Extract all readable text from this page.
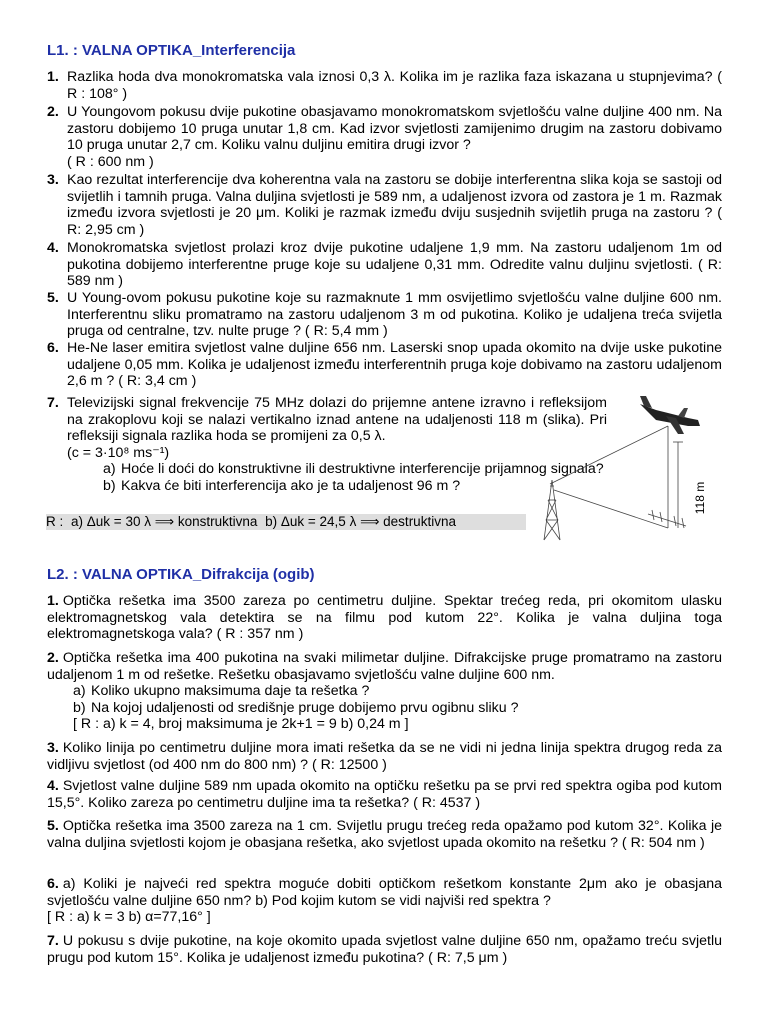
L1. : VALNA OPTIKA_Interferencija
1. Razlika hoda dva monokromatska vala iznosi 0,3 λ. Kolika im je razlika faza iskazana u stupnjevima? ( R : 108° )
2. U Youngovom pokusu dvije pukotine obasjavamo monokromatskom svjetlošću valne duljine 400 nm. Na zastoru dobijemo 10 pruga unutar 1,8 cm. Kad izvor svjetlosti zamijenimo drugim na zastoru dobivamo 10 pruga unutar 2,7 cm. Koliku valnu duljinu emitira drugi izvor ?
( R : 600 nm )
3. Kao rezultat interferencije dva koherentna vala na zastoru se dobije interferentna slika koja se sastoji od svijetlih i tamnih pruga. Valna duljina svjetlosti je 589 nm, a udaljenost izvora od zastora je 1 m. Razmak između izvora svjetlosti je 20 μm. Koliki je razmak između dviju susjednih svijetlih pruga na zastoru ? ( R: 2,95 cm )
4. Monokromatska svjetlost prolazi kroz dvije pukotine udaljene 1,9 mm. Na zastoru udaljenom 1m od pukotina dobijemo interferentne pruge koje su udaljene 0,31 mm. Odredite valnu duljinu svjetlosti. ( R: 589 nm )
5. U Young-ovom pokusu pukotine koje su razmaknute 1 mm osvijetlimo svjetlošću valne duljine 600 nm. Interferentnu sliku promatramo na zastoru udaljenom 3 m od pukotina. Koliko je udaljena treća svijetla pruga od centralne, tzv. nulte pruge ? ( R: 5,4 mm )
6. He-Ne laser emitira svjetlost valne duljine 656 nm. Laserski snop upada okomito na dvije uske pukotine udaljene 0,05 mm. Kolika je udaljenost između interferentnih pruga koje dobivamo na zastoru udaljenom 2,6 m ? ( R: 3,4 cm )
7. Televizijski signal frekvencije 75 MHz dolazi do prijemne antene izravno i refleksijom na zrakoplovu koji se nalazi vertikalno iznad antene na udaljenosti 118 m (slika). Pri refleksiji signala razlika hoda se promijeni za 0,5 λ.
(c = 3·10⁸ ms⁻¹)
a) Hoće li doći do konstruktivne ili destruktivne interferencije prijamnog signala?
b) Kakva će biti interferencija ako je ta udaljenost 96 m ?
R : a) Δuk = 30 λ ⟹ konstruktivna b) Δuk = 24,5 λ ⟹ destruktivna
118 m
L2. : VALNA OPTIKA_Difrakcija (ogib)
1. Optička rešetka ima 3500 zareza po centimetru duljine. Spektar trećeg reda, pri okomitom ulasku elektromagnetskog vala detektira se na filmu pod kutom 22°. Kolika je valna duljina toga elektromagnetskoga vala? ( R : 357 nm )
2. Optička rešetka ima 400 pukotina na svaki milimetar duljine. Difrakcijske pruge promatramo na zastoru udaljenom 1 m od rešetke. Rešetku obasjavamo svjetlošću valne duljine 600 nm.
a) Koliko ukupno maksimuma daje ta rešetka ?
b) Na kojoj udaljenosti od središnje pruge dobijemo prvu ogibnu sliku ?
[ R : a) k = 4, broj maksimuma je 2k+1 = 9 b) 0,24 m ]
3. Koliko linija po centimetru duljine mora imati rešetka da se ne vidi ni jedna linija spektra drugog reda za vidljivu svjetlost (od 400 nm do 800 nm) ? ( R: 12500 )
4. Svjetlost valne duljine 589 nm upada okomito na optičku rešetku pa se prvi red spektra ogiba pod kutom 15,5°. Koliko zareza po centimetru duljine ima ta rešetka? ( R: 4537 )
5. Optička rešetka ima 3500 zareza na 1 cm. Svijetlu prugu trećeg reda opažamo pod kutom 32°. Kolika je valna duljina svjetlosti kojom je obasjana rešetka, ako svjetlost upada okomito na rešetku ? ( R: 504 nm )
6. a) Koliki je najveći red spektra moguće dobiti optičkom rešetkom konstante 2μm ako je obasjana svjetlošću valne duljine 650 nm? b) Pod kojim kutom se vidi najviši red spektra ?
[ R : a) k = 3 b) α=77,16° ]
7. U pokusu s dvije pukotine, na koje okomito upada svjetlost valne duljine 650 nm, opažamo treću svjetlu prugu pod kutom 15°. Kolika je udaljenost između pukotina? ( R: 7,5 μm )
